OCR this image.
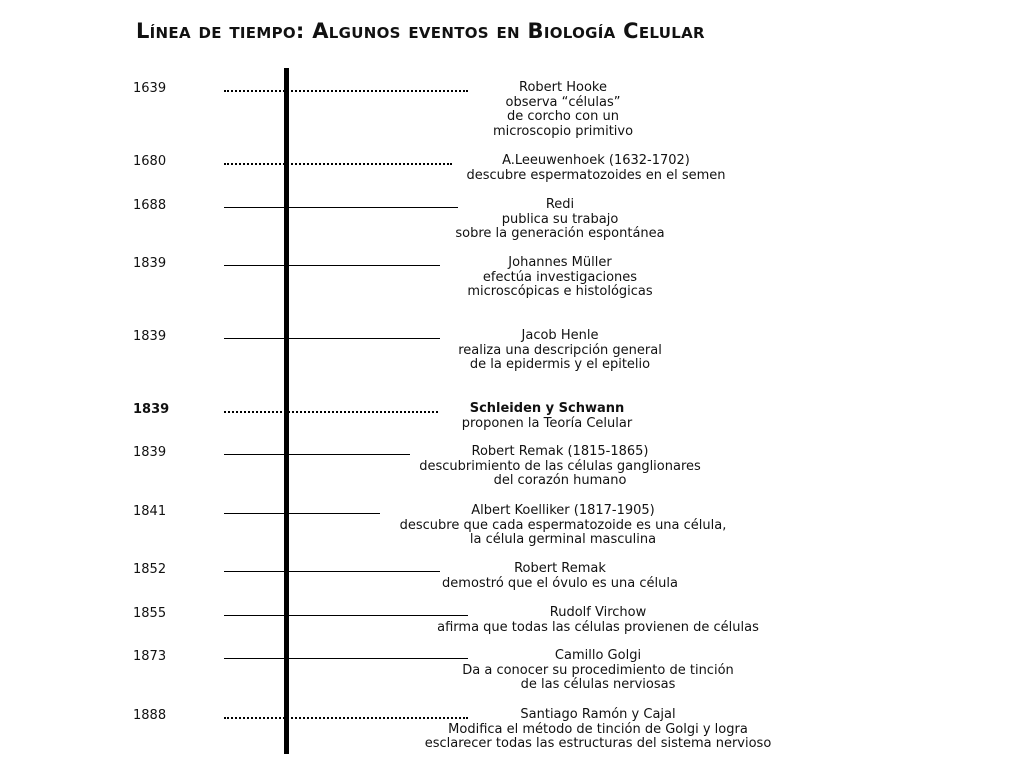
Línea de tiempo: Algunos eventos en Biología Celular
1639	Robert Hooke
observa “células”
de corcho con un
microscopio primitivo
1680	A.Leeuwenhoek (1632-1702)
descubre espermatozoides en el semen
1688	Redi
publica su trabajo
sobre la generación espontánea
1839	Johannes Müller
efectúa investigaciones
microscópicas e histológicas
1839	Jacob Henle
realiza una descripción general
de la epidermis y el epitelio
1839	Schleiden y Schwann
proponen la Teoría Celular
1839	Robert Remak (1815-1865)
descubrimiento de las células ganglionares
del corazón humano
1841	Albert Koelliker (1817-1905)
descubre que cada espermatozoide es una célula,
la célula germinal masculina
1852	Robert Remak
demostró que el óvulo es una célula
1855	Rudolf Virchow
afirma que todas las células provienen de células
1873	Camillo Golgi
Da a conocer su procedimiento de tinción
de las células nerviosas
1888	Santiago Ramón y Cajal
Modifica el método de tinción de Golgi y logra
esclarecer todas las estructuras del sistema nervioso
